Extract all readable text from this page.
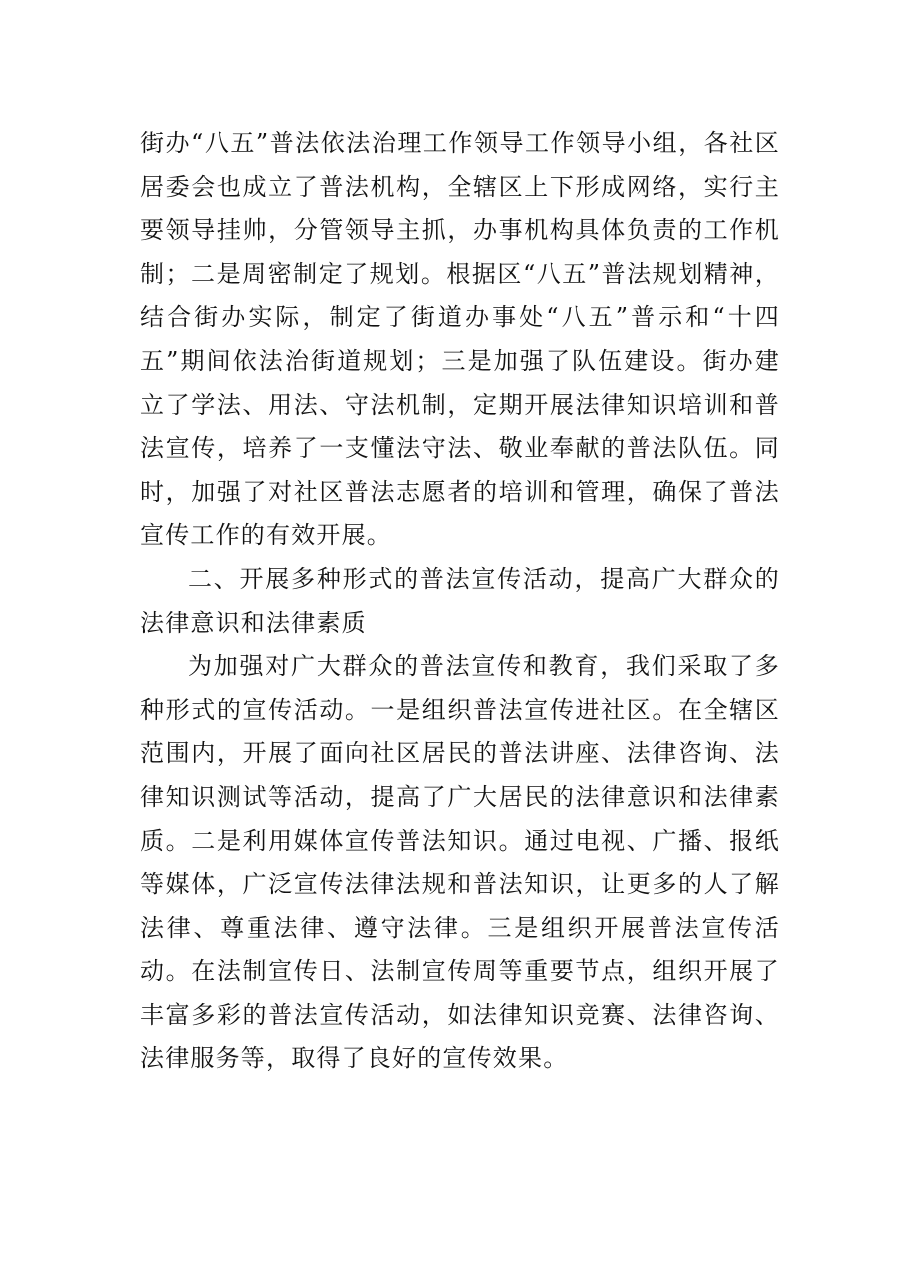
街办“八五”普法依法治理工作领导工作领导小组，各社区居委会也成立了普法机构，全辖区上下形成网络，实行主要领导挂帅，分管领导主抓，办事机构具体负责的工作机制；二是周密制定了规划。根据区“八五”普法规划精神，结合街办实际，制定了街道办事处“八五”普示和“十四五”期间依法治街道规划；三是加强了队伍建设。街办建立了学法、用法、守法机制，定期开展法律知识培训和普法宣传，培养了一支懂法守法、敬业奉献的普法队伍。同时，加强了对社区普法志愿者的培训和管理，确保了普法宣传工作的有效开展。

二、开展多种形式的普法宣传活动，提高广大群众的法律意识和法律素质

为加强对广大群众的普法宣传和教育，我们采取了多种形式的宣传活动。一是组织普法宣传进社区。在全辖区范围内，开展了面向社区居民的普法讲座、法律咨询、法律知识测试等活动，提高了广大居民的法律意识和法律素质。二是利用媒体宣传普法知识。通过电视、广播、报纸等媒体，广泛宣传法律法规和普法知识，让更多的人了解法律、尊重法律、遵守法律。三是组织开展普法宣传活动。在法制宣传日、法制宣传周等重要节点，组织开展了丰富多彩的普法宣传活动，如法律知识竞赛、法律咨询、法律服务等，取得了良好的宣传效果。
